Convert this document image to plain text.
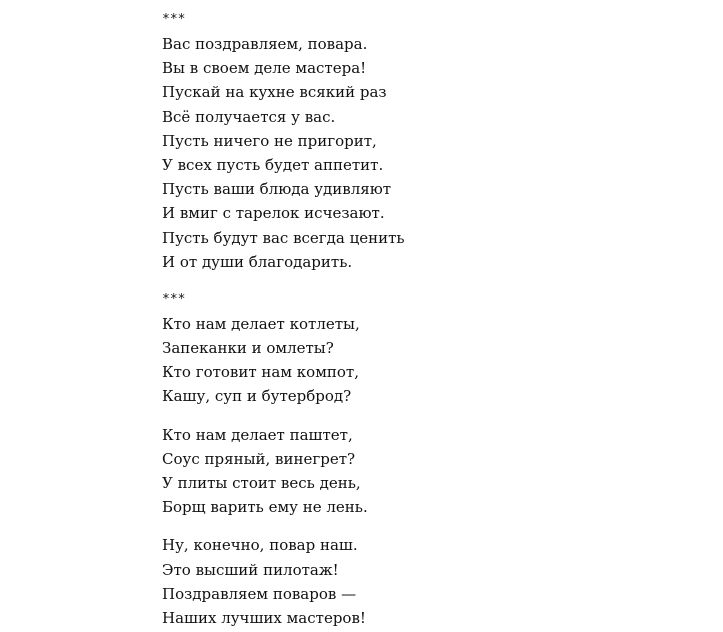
***
Вас поздравляем, повара.
Вы в своем деле мастера!
Пускай на кухне всякий раз
Всё получается у вас.
Пусть ничего не пригорит,
У всех пусть будет аппетит.
Пусть ваши блюда удивляют
И вмиг с тарелок исчезают.
Пусть будут вас всегда ценить
И от души благодарить.
***
Кто нам делает котлеты,
Запеканки и омлеты?
Кто готовит нам компот,
Кашу, суп и бутерброд?
Кто нам делает паштет,
Соус пряный, винегрет?
У плиты стоит весь день,
Борщ варить ему не лень.
Ну, конечно, повар наш.
Это высший пилотаж!
Поздравляем поваров —
Наших лучших мастеров!
